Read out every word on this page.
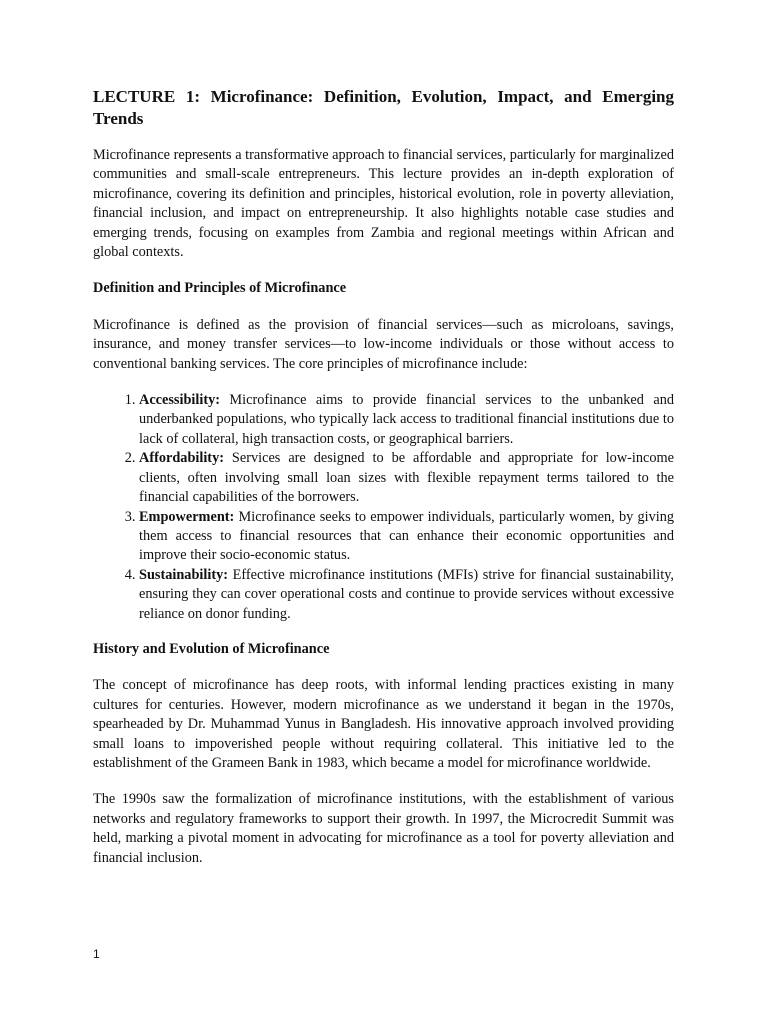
LECTURE 1: Microfinance: Definition, Evolution, Impact, and Emerging Trends

Microfinance represents a transformative approach to financial services, particularly for marginalized communities and small-scale entrepreneurs. This lecture provides an in-depth exploration of microfinance, covering its definition and principles, historical evolution, role in poverty alleviation, financial inclusion, and impact on entrepreneurship. It also highlights notable case studies and emerging trends, focusing on examples from Zambia and regional meetings within African and global contexts.

Definition and Principles of Microfinance

Microfinance is defined as the provision of financial services—such as microloans, savings, insurance, and money transfer services—to low-income individuals or those without access to conventional banking services. The core principles of microfinance include:

1. Accessibility: Microfinance aims to provide financial services to the unbanked and underbanked populations, who typically lack access to traditional financial institutions due to lack of collateral, high transaction costs, or geographical barriers.
2. Affordability: Services are designed to be affordable and appropriate for low-income clients, often involving small loan sizes with flexible repayment terms tailored to the financial capabilities of the borrowers.
3. Empowerment: Microfinance seeks to empower individuals, particularly women, by giving them access to financial resources that can enhance their economic opportunities and improve their socio-economic status.
4. Sustainability: Effective microfinance institutions (MFIs) strive for financial sustainability, ensuring they can cover operational costs and continue to provide services without excessive reliance on donor funding.
History and Evolution of Microfinance

The concept of microfinance has deep roots, with informal lending practices existing in many cultures for centuries. However, modern microfinance as we understand it began in the 1970s, spearheaded by Dr. Muhammad Yunus in Bangladesh. His innovative approach involved providing small loans to impoverished people without requiring collateral. This initiative led to the establishment of the Grameen Bank in 1983, which became a model for microfinance worldwide.

The 1990s saw the formalization of microfinance institutions, with the establishment of various networks and regulatory frameworks to support their growth. In 1997, the Microcredit Summit was held, marking a pivotal moment in advocating for microfinance as a tool for poverty alleviation and financial inclusion.

1
